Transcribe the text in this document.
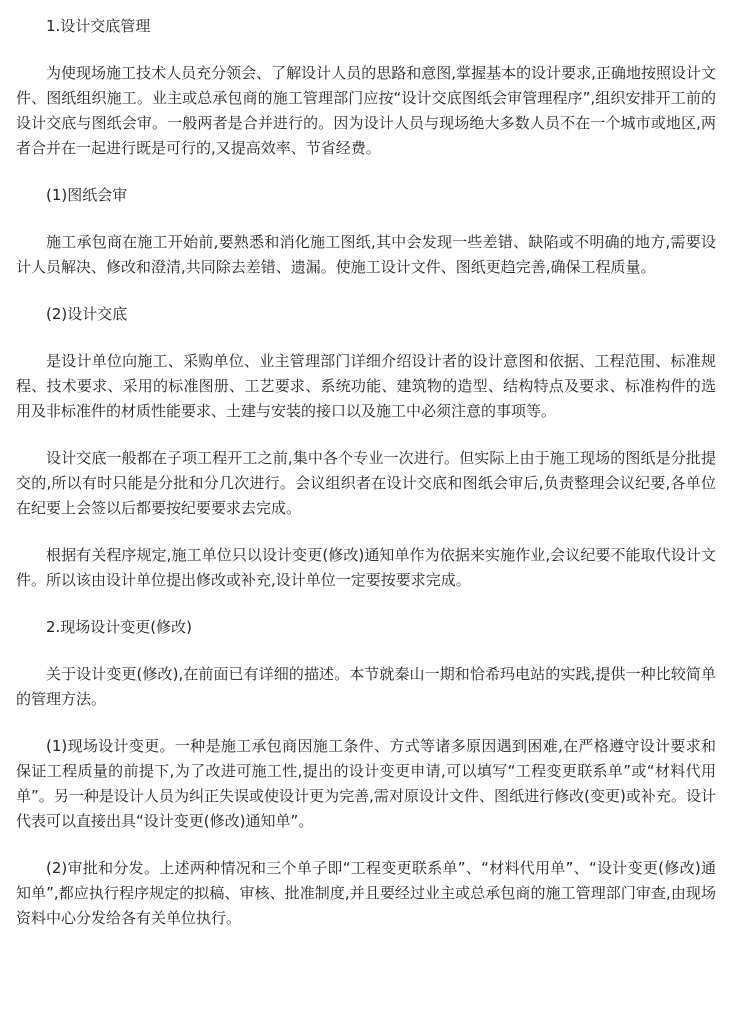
1.设计交底管理
为使现场施工技术人员充分领会、了解设计人员的思路和意图,掌握基本的设计要求,正确地按照设计文件、图纸组织施工。业主或总承包商的施工管理部门应按“设计交底图纸会审管理程序”,组织安排开工前的设计交底与图纸会审。一般两者是合并进行的。因为设计人员与现场绝大多数人员不在一个城市或地区,两者合并在一起进行既是可行的,又提高效率、节省经费。
(1)图纸会审
施工承包商在施工开始前,要熟悉和消化施工图纸,其中会发现一些差错、缺陷或不明确的地方,需要设计人员解决、修改和澄清,共同除去差错、遗漏。使施工设计文件、图纸更趋完善,确保工程质量。
(2)设计交底
是设计单位向施工、采购单位、业主管理部门详细介绍设计者的设计意图和依据、工程范围、标准规程、技术要求、采用的标准图册、工艺要求、系统功能、建筑物的造型、结构特点及要求、标准构件的选用及非标准件的材质性能要求、土建与安装的接口以及施工中必须注意的事项等。
设计交底一般都在子项工程开工之前,集中各个专业一次进行。但实际上由于施工现场的图纸是分批提交的,所以有时只能是分批和分几次进行。会议组织者在设计交底和图纸会审后,负责整理会议纪要,各单位在纪要上会签以后都要按纪要要求去完成。
根据有关程序规定,施工单位只以设计变更(修改)通知单作为依据来实施作业,会议纪要不能取代设计文件。所以该由设计单位提出修改或补充,设计单位一定要按要求完成。
2.现场设计变更(修改)
关于设计变更(修改),在前面已有详细的描述。本节就秦山一期和恰希玛电站的实践,提供一种比较简单的管理方法。
(1)现场设计变更。一种是施工承包商因施工条件、方式等诸多原因遇到困难,在严格遵守设计要求和保证工程质量的前提下,为了改进可施工性,提出的设计变更申请,可以填写“工程变更联系单”或“材料代用单”。另一种是设计人员为纠正失误或使设计更为完善,需对原设计文件、图纸进行修改(变更)或补充。设计代表可以直接出具“设计变更(修改)通知单”。
(2)审批和分发。上述两种情况和三个单子即“工程变更联系单”、“材料代用单”、“设计变更(修改)通知单”,都应执行程序规定的拟稿、审核、批准制度,并且要经过业主或总承包商的施工管理部门审查,由现场资料中心分发给各有关单位执行。
